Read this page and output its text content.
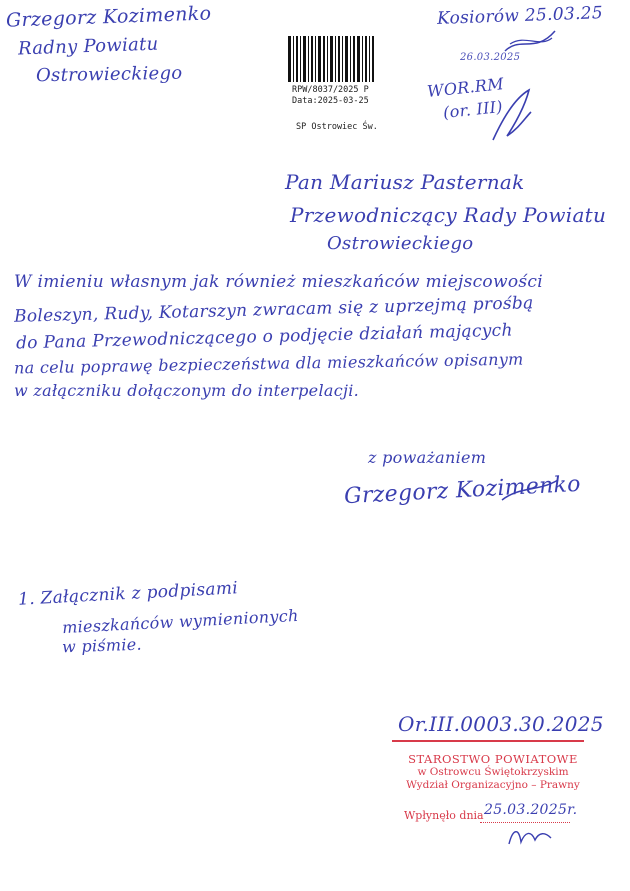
Grzegorz Kozimenko
Radny Powiatu
Ostrowieckiego
Kosiorów 25.03.25
26.03.2025
WOR.RM
(or. III)
RPW/8037/2025 P
Data:2025-03-25
SP Ostrowiec Św.
Pan Mariusz Pasternak
Przewodniczący Rady Powiatu
Ostrowieckiego
W imieniu własnym jak również mieszkańców miejscowości
Boleszyn, Rudy, Kotarszyn zwracam się z uprzejmą prośbą
do Pana Przewodniczącego o podjęcie działań mających
na celu poprawę bezpieczeństwa dla mieszkańców opisanym
w załączniku dołączonym do interpelacji.
z poważaniem
Grzegorz Kozimenko
1. Załącznik z podpisami
mieszkańców wymienionych
w piśmie.
Or.III.0003.30.2025
STAROSTWO POWIATOWE
w Ostrowcu Świętokrzyskim
Wydział Organizacyjno – Prawny
Wpłynęło dnia 25.03.2025r.
